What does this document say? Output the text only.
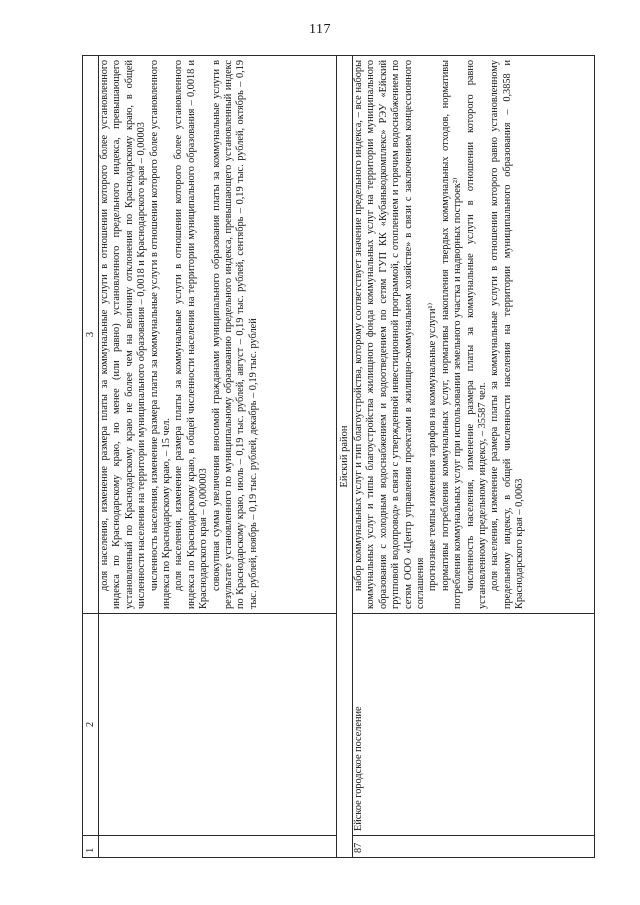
117
1	2	3

		доля населения, изменение размера платы за коммунальные услуги в отношении которого более установленного индекса по Краснодарскому краю, но менее (или равно) установленного предельного индекса, превышающего установленный по Краснодарскому краю не более чем на величину отклонения по Краснодарскому краю, в общей численности населения на территории муниципального образования – 0,0018 и Краснодарского края – 0,00003 численность населения, изменение размера платы за коммунальные услуги в отношении которого более установленного индекса по Краснодарскому краю, – 15 чел. доля населения, изменение размера платы за коммунальные услуги в отношении которого более установленного индекса по Краснодарскому краю, в общей численности населения на территории муниципального образования – 0,0018 и Краснодарского края – 0,000003 совокупная сумма увеличения вносимой гражданами муниципального образования платы за коммунальные услуги в результате установленного по муниципальному образованию предельного индекса, превышающего установленный индекс по Краснодарскому краю, июль – 0,19 тыс. рублей, август – 0,19 тыс. рублей, сентябрь – 0,19 тыс. рублей, октябрь – 0,19 тыс. рублей, ноябрь – 0,19 тыс. рублей, декабрь – 0,19 тыс. рублей

Ейский район		
87	Ейское городское поселение	набор коммунальных услуг и тип благоустройства, которому соответствует значение предельного индекса, – все наборы коммунальных услуг и типы благоустройства жилищного фонда коммунальных услуг на территории муниципального образования с холодным водоснабжением и водоотведением по сетям ГУП КК «Кубаньводкомплекс» РЭУ «Ейский групповой водопровод» в связи с утвержденной инвестиционной программой, с отоплением и горячим водоснабжением по сетям ООО «Центр управления проектами в жилищно-коммунальном хозяйстве» в связи с заключением концессионного соглашения прогнозные темпы изменения тарифов на коммунальные услуги¹⁾ нормативы потребления коммунальных услуг, нормативы накопления твердых коммунальных отходов, нормативы потребления коммунальных услуг при использовании земельного участка и надворных построек²⁾ численность населения, изменение размера платы за коммунальные услуги в отношении которого равно установленному предельному индексу, – 35587 чел. доля населения, изменение размера платы за коммунальные услуги в отношении которого равно установленному предельному индексу, в общей численности населения на территории муниципального образования – 0,3858 и Краснодарского края – 0,0063
